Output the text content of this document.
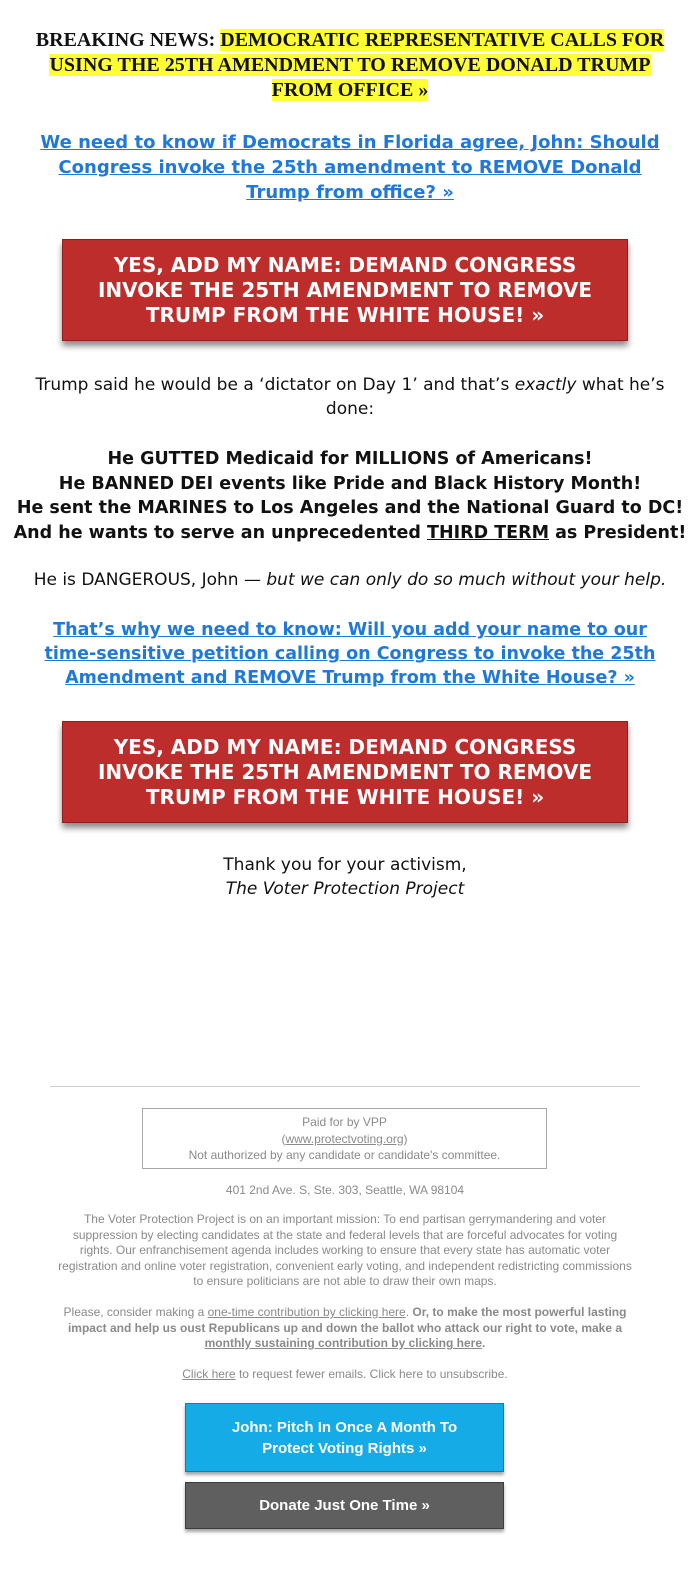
BREAKING NEWS: DEMOCRATIC REPRESENTATIVE CALLS FOR USING THE 25TH AMENDMENT TO REMOVE DONALD TRUMP FROM OFFICE »
We need to know if Democrats in Florida agree, John: Should Congress invoke the 25th amendment to REMOVE Donald Trump from office? »
YES, ADD MY NAME: DEMAND CONGRESS INVOKE THE 25TH AMENDMENT TO REMOVE TRUMP FROM THE WHITE HOUSE! »
Trump said he would be a ‘dictator on Day 1’ and that’s exactly what he’s done:
He GUTTED Medicaid for MILLIONS of Americans!
He BANNED DEI events like Pride and Black History Month!
He sent the MARINES to Los Angeles and the National Guard to DC!
And he wants to serve an unprecedented THIRD TERM as President!
He is DANGEROUS, John — but we can only do so much without your help.
That’s why we need to know: Will you add your name to our time-sensitive petition calling on Congress to invoke the 25th Amendment and REMOVE Trump from the White House? »
YES, ADD MY NAME: DEMAND CONGRESS INVOKE THE 25TH AMENDMENT TO REMOVE TRUMP FROM THE WHITE HOUSE! »
Thank you for your activism,
The Voter Protection Project
Paid for by VPP
(www.protectvoting.org)
Not authorized by any candidate or candidate's committee.
401 2nd Ave. S, Ste. 303, Seattle, WA 98104
The Voter Protection Project is on an important mission: To end partisan gerrymandering and voter suppression by electing candidates at the state and federal levels that are forceful advocates for voting rights. Our enfranchisement agenda includes working to ensure that every state has automatic voter registration and online voter registration, convenient early voting, and independent redistricting commissions to ensure politicians are not able to draw their own maps.
Please, consider making a one-time contribution by clicking here. Or, to make the most powerful lasting impact and help us oust Republicans up and down the ballot who attack our right to vote, make a monthly sustaining contribution by clicking here.
Click here to request fewer emails. Click here to unsubscribe.
John: Pitch In Once A Month To Protect Voting Rights »
Donate Just One Time »
